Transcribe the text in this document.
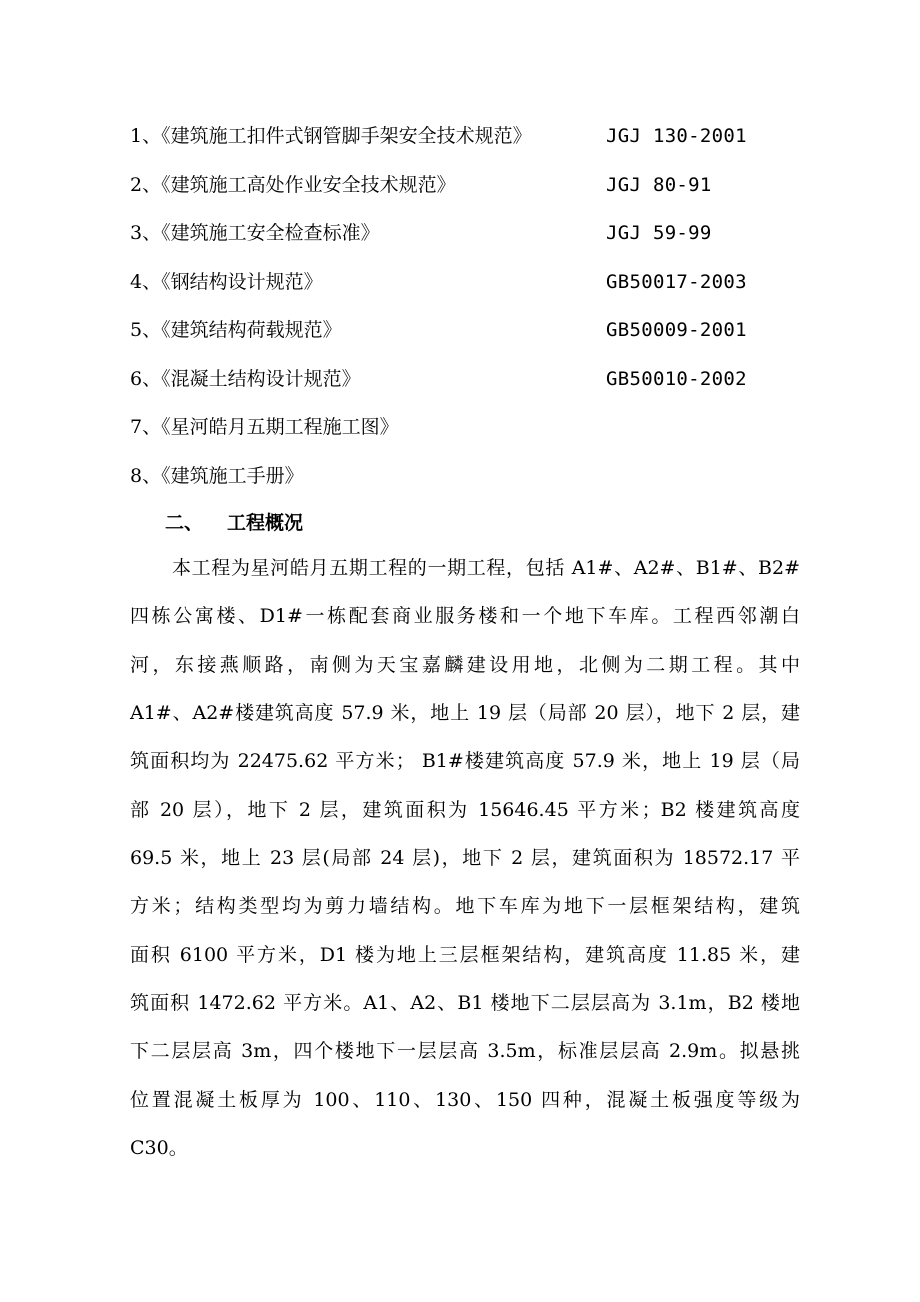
1、《建筑施工扣件式钢管脚手架安全技术规范》	JGJ 130-2001
2、《建筑施工高处作业安全技术规范》	JGJ 80-91
3、《建筑施工安全检查标准》	JGJ 59-99
4、《钢结构设计规范》	GB50017-2003
5、《建筑结构荷载规范》	GB50009-2001
6、《混凝土结构设计规范》	GB50010-2002
7、《星河皓月五期工程施工图》
8、《建筑施工手册》
二、 工程概况
本工程为星河皓月五期工程的一期工程，包括 A1#、A2#、B1#、B2#
四栋公寓楼、D1#一栋配套商业服务楼和一个地下车库。工程西邻潮白
河，东接燕顺路，南侧为天宝嘉麟建设用地，北侧为二期工程。其中
A1#、A2#楼建筑高度 57.9 米，地上 19 层（局部 20 层），地下 2 层，建
筑面积均为 22475.62 平方米； B1#楼建筑高度 57.9 米，地上 19 层（局
部 20 层），地下 2 层，建筑面积为 15646.45 平方米；B2 楼建筑高度
69.5 米，地上 23 层(局部 24 层)，地下 2 层，建筑面积为 18572.17 平
方米；结构类型均为剪力墙结构。地下车库为地下一层框架结构，建筑
面积 6100 平方米，D1 楼为地上三层框架结构，建筑高度 11.85 米，建
筑面积 1472.62 平方米。A1、A2、B1 楼地下二层层高为 3.1m，B2 楼地
下二层层高 3m，四个楼地下一层层高 3.5m，标准层层高 2.9m。拟悬挑
位置混凝土板厚为 100、110、130、150 四种，混凝土板强度等级为
C30。
